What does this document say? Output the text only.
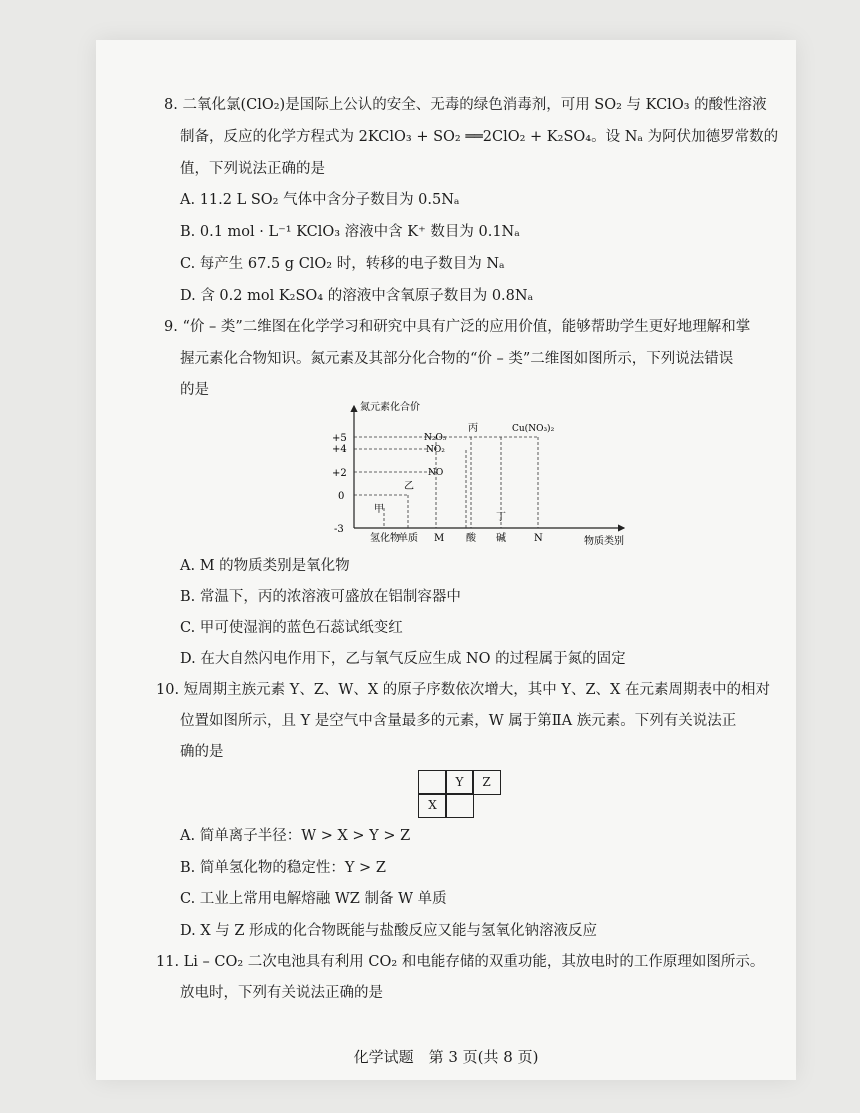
8. 二氧化氯(ClO₂)是国际上公认的安全、无毒的绿色消毒剂，可用 SO₂ 与 KClO₃ 的酸性溶液
制备，反应的化学方程式为 2KClO₃ + SO₂ ══2ClO₂ + K₂SO₄。设 Nₐ 为阿伏加德罗常数的
值，下列说法正确的是
A. 11.2 L SO₂ 气体中含分子数目为 0.5Nₐ
B. 0.1 mol · L⁻¹ KClO₃ 溶液中含 K⁺ 数目为 0.1Nₐ
C. 每产生 67.5 g ClO₂ 时，转移的电子数目为 Nₐ
D. 含 0.2 mol K₂SO₄ 的溶液中含氧原子数目为 0.8Nₐ
9. “价 – 类”二维图在化学学习和研究中具有广泛的应用价值，能够帮助学生更好地理解和掌
握元素化合物知识。氮元素及其部分化合物的“价 – 类”二维图如图所示，下列说法错误
的是
氮元素化合价
物质类别
+5
+4
+2
0
-3
氢化物
单质 M 酸 碱	N
甲
乙
丙
丁
N₂O₅
NO₂
NO
Cu(NO₃)₂
A. M 的物质类别是氧化物
B. 常温下，丙的浓溶液可盛放在铝制容器中
C. 甲可使湿润的蓝色石蕊试纸变红
D. 在大自然闪电作用下，乙与氧气反应生成 NO 的过程属于氮的固定
10. 短周期主族元素 Y、Z、W、X 的原子序数依次增大，其中 Y、Z、X 在元素周期表中的相对
位置如图所示，且 Y 是空气中含量最多的元素，W 属于第ⅡA 族元素。下列有关说法正
确的是
Y	Z
X
A. 简单离子半径：W > X > Y > Z
B. 简单氢化物的稳定性：Y > Z
C. 工业上常用电解熔融 WZ 制备 W 单质
D. X 与 Z 形成的化合物既能与盐酸反应又能与氢氧化钠溶液反应
11. Li – CO₂ 二次电池具有利用 CO₂ 和电能存储的双重功能，其放电时的工作原理如图所示。
放电时，下列有关说法正确的是
化学试题　第 3 页(共 8 页)
